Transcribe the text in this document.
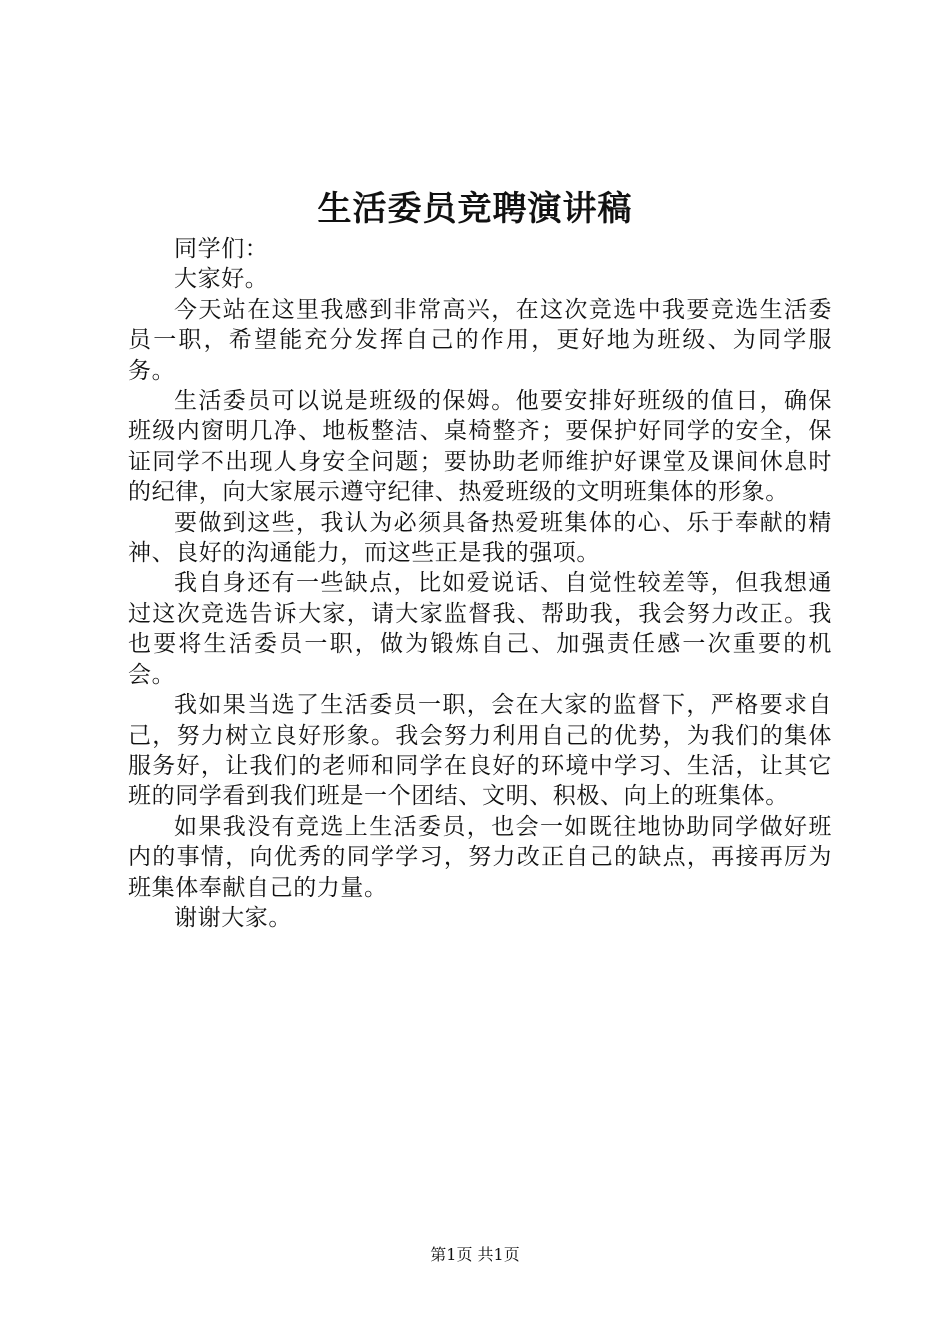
生活委员竞聘演讲稿

同学们：

大家好。

今天站在这里我感到非常高兴，在这次竞选中我要竞选生活委员一职，希望能充分发挥自己的作用，更好地为班级、为同学服务。

生活委员可以说是班级的保姆。他要安排好班级的值日，确保班级内窗明几净、地板整洁、桌椅整齐；要保护好同学的安全，保证同学不出现人身安全问题；要协助老师维护好课堂及课间休息时的纪律，向大家展示遵守纪律、热爱班级的文明班集体的形象。

要做到这些，我认为必须具备热爱班集体的心、乐于奉献的精神、良好的沟通能力，而这些正是我的强项。

我自身还有一些缺点，比如爱说话、自觉性较差等，但我想通过这次竞选告诉大家，请大家监督我、帮助我，我会努力改正。我也要将生活委员一职，做为锻炼自己、加强责任感一次重要的机会。

我如果当选了生活委员一职，会在大家的监督下，严格要求自己，努力树立良好形象。我会努力利用自己的优势，为我们的集体服务好，让我们的老师和同学在良好的环境中学习、生活，让其它班的同学看到我们班是一个团结、文明、积极、向上的班集体。

如果我没有竞选上生活委员，也会一如既往地协助同学做好班内的事情，向优秀的同学学习，努力改正自己的缺点，再接再厉为班集体奉献自己的力量。

谢谢大家。

第1页 共1页
